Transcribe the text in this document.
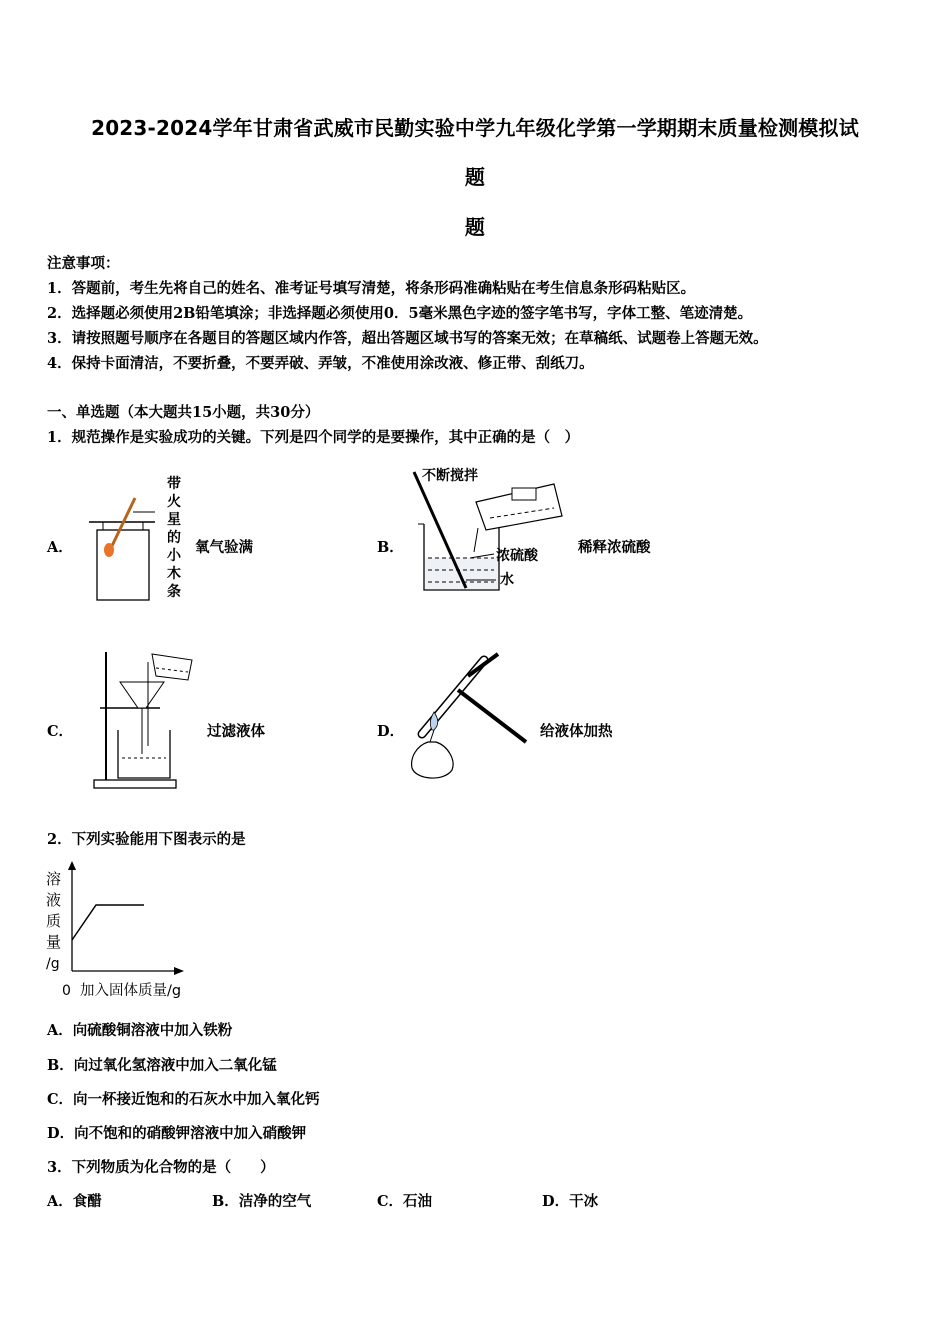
2023-2024学年甘肃省武威市民勤实验中学九年级化学第一学期期末质量检测模拟试
题
题
注意事项：
1．答题前，考生先将自己的姓名、准考证号填写清楚，将条形码准确粘贴在考生信息条形码粘贴区。
2．选择题必须使用2B铅笔填涂；非选择题必须使用0．5毫米黑色字迹的签字笔书写，字体工整、笔迹清楚。
3．请按照题号顺序在各题目的答题区域内作答，超出答题区域书写的答案无效；在草稿纸、试题卷上答题无效。
4．保持卡面清洁，不要折叠，不要弄破、弄皱，不准使用涂改液、修正带、刮纸刀。
一、单选题（本大题共15小题，共30分）
1．规范操作是实验成功的关键。下列是四个同学的是要操作，其中正确的是（　）
A．
带
火
星
的
小
木
条
氧气验满	B．
不断搅拌
浓硫酸
水
稀释浓硫酸
C．	过滤液体	D．	给液体加热
2．下列实验能用下图表示的是
溶
液
质
量
/g
0 加入固体质量/g
A．向硫酸铜溶液中加入铁粉
B．向过氧化氢溶液中加入二氧化锰
C．向一杯接近饱和的石灰水中加入氧化钙
D．向不饱和的硝酸钾溶液中加入硝酸钾
3．下列物质为化合物的是（　　）
A．食醋	B．洁净的空气	C．石油	D．干冰
